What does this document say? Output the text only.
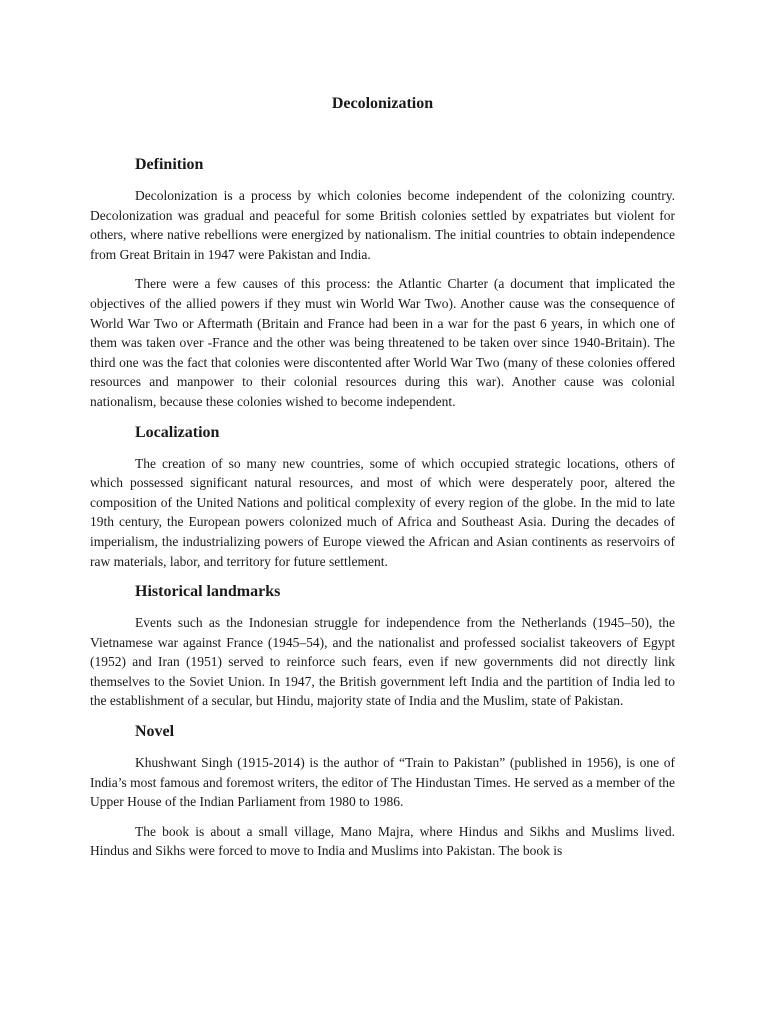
Decolonization
Definition

Decolonization is a process by which colonies become independent of the colonizing country. Decolonization was gradual and peaceful for some British colonies settled by expatriates but violent for others, where native rebellions were energized by nationalism. The initial countries to obtain independence from Great Britain in 1947 were Pakistan and India.

There were a few causes of this process: the Atlantic Charter (a document that implicated the objectives of the allied powers if they must win World War Two). Another cause was the consequence of World War Two or Aftermath (Britain and France had been in a war for the past 6 years, in which one of them was taken over -France and the other was being threatened to be taken over since 1940-Britain). The third one was the fact that colonies were discontented after World War Two (many of these colonies offered resources and manpower to their colonial resources during this war). Another cause was colonial nationalism, because these colonies wished to become independent.

Localization

The creation of so many new countries, some of which occupied strategic locations, others of which possessed significant natural resources, and most of which were desperately poor, altered the composition of the United Nations and political complexity of every region of the globe. In the mid to late 19th century, the European powers colonized much of Africa and Southeast Asia. During the decades of imperialism, the industrializing powers of Europe viewed the African and Asian continents as reservoirs of raw materials, labor, and territory for future settlement.

Historical landmarks

Events such as the Indonesian struggle for independence from the Netherlands (1945–50), the Vietnamese war against France (1945–54), and the nationalist and professed socialist takeovers of Egypt (1952) and Iran (1951) served to reinforce such fears, even if new governments did not directly link themselves to the Soviet Union. In 1947, the British government left India and the partition of India led to the establishment of a secular, but Hindu, majority state of India and the Muslim, state of Pakistan.

Novel

Khushwant Singh (1915-2014) is the author of “Train to Pakistan” (published in 1956), is one of India’s most famous and foremost writers, the editor of The Hindustan Times. He served as a member of the Upper House of the Indian Parliament from 1980 to 1986.

The book is about a small village, Mano Majra, where Hindus and Sikhs and Muslims lived. Hindus and Sikhs were forced to move to India and Muslims into Pakistan. The book is
